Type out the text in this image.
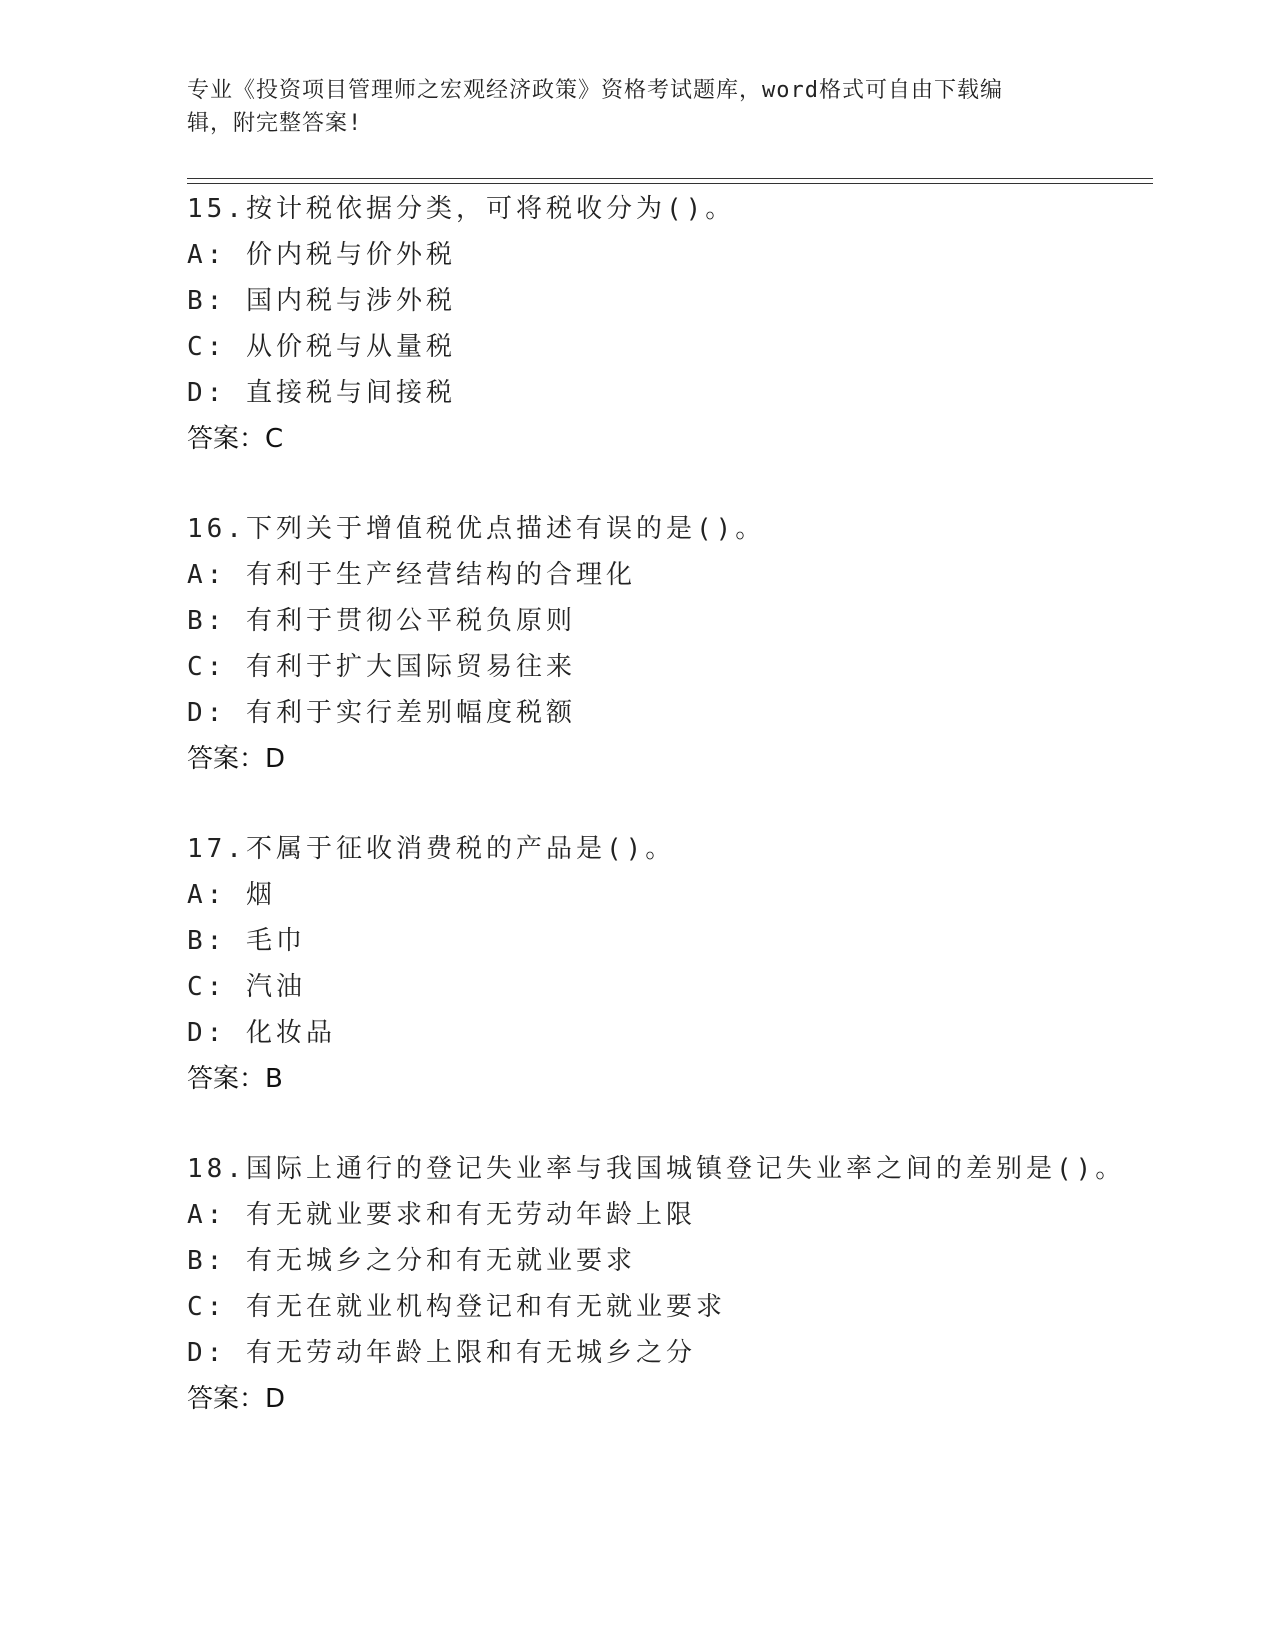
专业《投资项目管理师之宏观经济政策》资格考试题库，word格式可自由下载编
辑，附完整答案!
15.按计税依据分类，可将税收分为()。
A: 价内税与价外税
B: 国内税与涉外税
C: 从价税与从量税
D: 直接税与间接税
答案：C
16.下列关于增值税优点描述有误的是()。
A: 有利于生产经营结构的合理化
B: 有利于贯彻公平税负原则
C: 有利于扩大国际贸易往来
D: 有利于实行差别幅度税额
答案：D
17.不属于征收消费税的产品是()。
A: 烟
B: 毛巾
C: 汽油
D: 化妆品
答案：B
18.国际上通行的登记失业率与我国城镇登记失业率之间的差别是()。
A: 有无就业要求和有无劳动年龄上限
B: 有无城乡之分和有无就业要求
C: 有无在就业机构登记和有无就业要求
D: 有无劳动年龄上限和有无城乡之分
答案：D
